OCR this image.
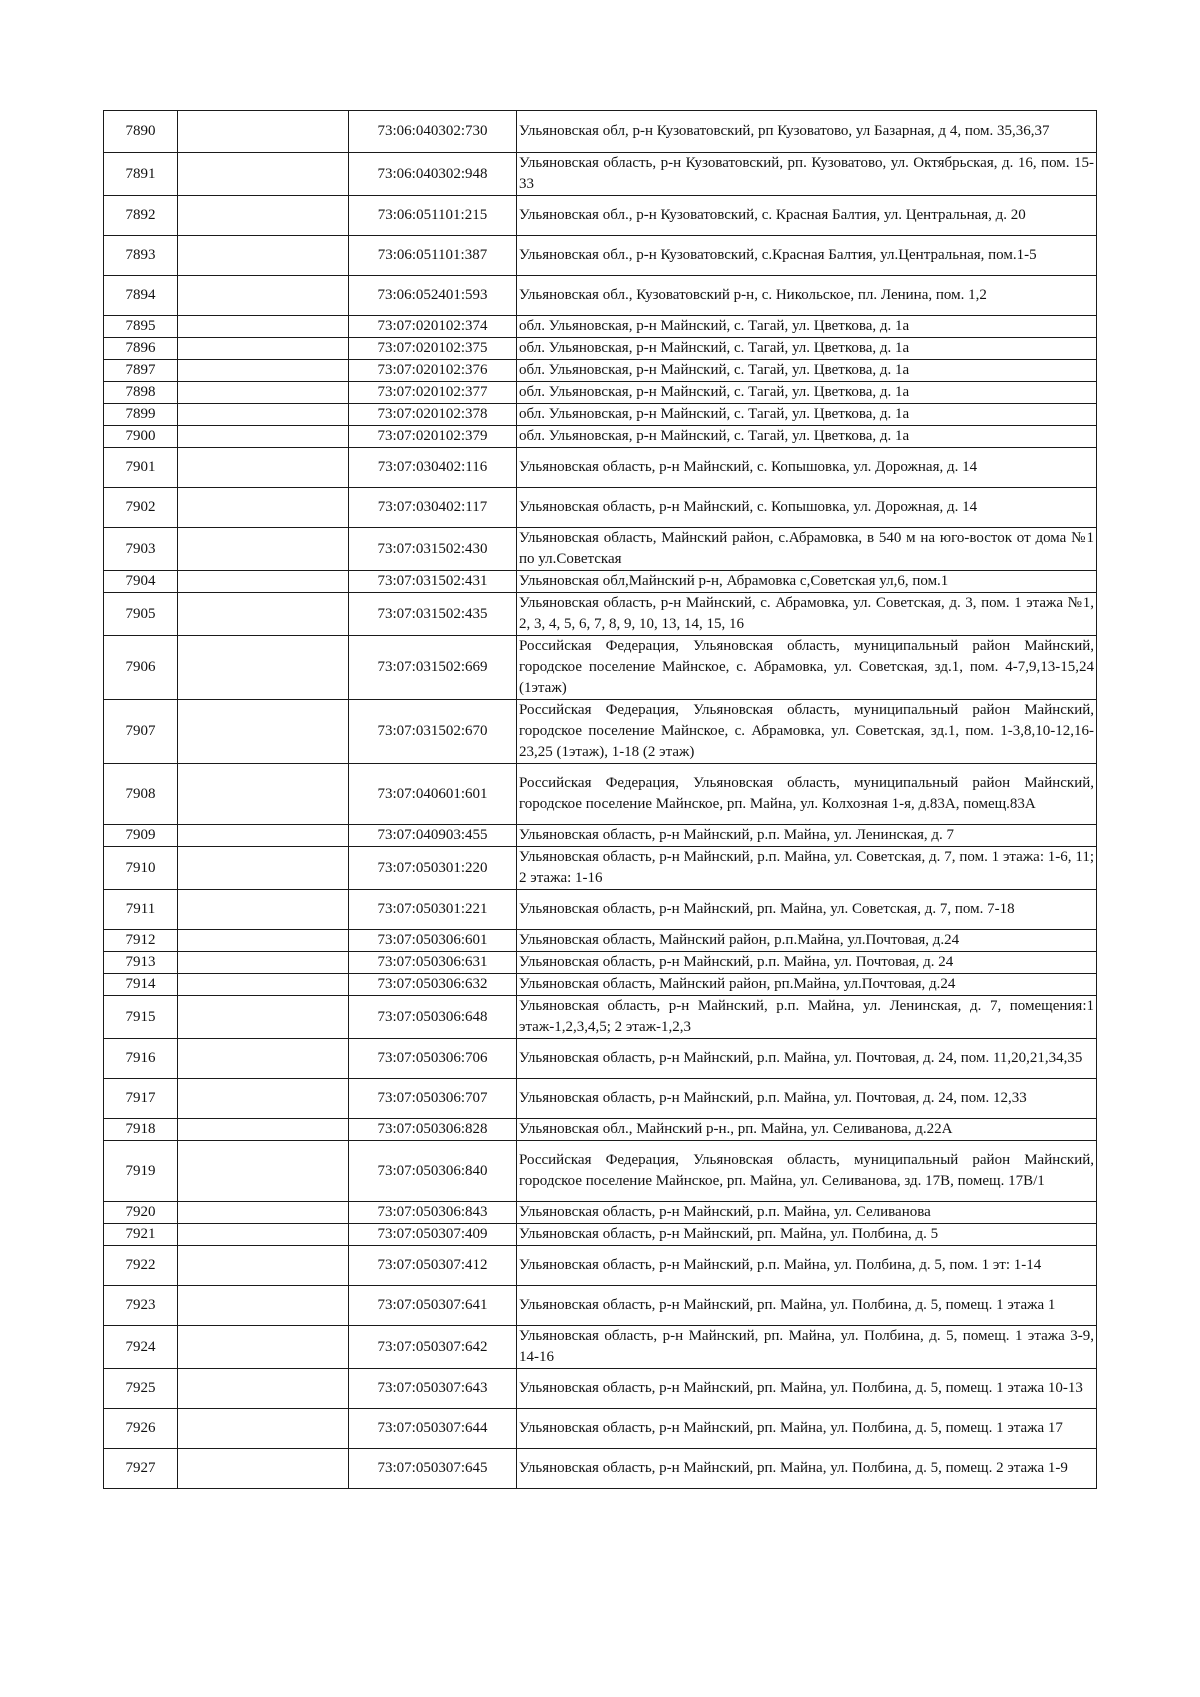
7890		73:06:040302:730	Ульяновская обл, р-н Кузоватовский, рп Кузоватово, ул Базарная, д 4, пом. 35,36,37
7891		73:06:040302:948	Ульяновская область, р-н Кузоватовский, рп. Кузоватово, ул. Октябрьская, д. 16, пом. 15-33
7892		73:06:051101:215	Ульяновская обл., р-н Кузоватовский, с. Красная Балтия, ул. Центральная, д. 20
7893		73:06:051101:387	Ульяновская обл., р-н Кузоватовский, с.Красная Балтия, ул.Центральная, пом.1-5
7894		73:06:052401:593	Ульяновская обл., Кузоватовский р-н, с. Никольское, пл. Ленина, пом. 1,2
7895		73:07:020102:374	обл. Ульяновская, р-н Майнский, с. Тагай, ул. Цветкова, д. 1а
7896		73:07:020102:375	обл. Ульяновская, р-н Майнский, с. Тагай, ул. Цветкова, д. 1а
7897		73:07:020102:376	обл. Ульяновская, р-н Майнский, с. Тагай, ул. Цветкова, д. 1а
7898		73:07:020102:377	обл. Ульяновская, р-н Майнский, с. Тагай, ул. Цветкова, д. 1а
7899		73:07:020102:378	обл. Ульяновская, р-н Майнский, с. Тагай, ул. Цветкова, д. 1а
7900		73:07:020102:379	обл. Ульяновская, р-н Майнский, с. Тагай, ул. Цветкова, д. 1а
7901		73:07:030402:116	Ульяновская область, р-н Майнский, с. Копышовка, ул. Дорожная, д. 14
7902		73:07:030402:117	Ульяновская область, р-н Майнский, с. Копышовка, ул. Дорожная, д. 14
7903		73:07:031502:430	Ульяновская область, Майнский район, с.Абрамовка, в 540 м на юго-восток от дома №1 по ул.Советская
7904		73:07:031502:431	Ульяновская обл,Майнский р-н, Абрамовка с,Советская ул,6, пом.1
7905		73:07:031502:435	Ульяновская область, р-н Майнский, с. Абрамовка, ул. Советская, д. 3, пом. 1 этажа №1, 2, 3, 4, 5, 6, 7, 8, 9, 10, 13, 14, 15, 16
7906		73:07:031502:669	Российская Федерация, Ульяновская область, муниципальный район Майнский, городское поселение Майнское, с. Абрамовка, ул. Советская, зд.1, пом. 4-7,9,13-15,24 (1этаж)
7907		73:07:031502:670	Российская Федерация, Ульяновская область, муниципальный район Майнский, городское поселение Майнское, с. Абрамовка, ул. Советская, зд.1, пом. 1-3,8,10-12,16-23,25 (1этаж), 1-18 (2 этаж)
7908		73:07:040601:601	Российская Федерация, Ульяновская область, муниципальный район Майнский, городское поселение Майнское, рп. Майна, ул. Колхозная 1-я, д.83А, помещ.83А
7909		73:07:040903:455	Ульяновская область, р-н Майнский, р.п. Майна, ул. Ленинская, д. 7
7910		73:07:050301:220	Ульяновская область, р-н Майнский, р.п. Майна, ул. Советская, д. 7, пом. 1 этажа: 1-6, 11; 2 этажа: 1-16
7911		73:07:050301:221	Ульяновская область, р-н Майнский, рп. Майна, ул. Советская, д. 7, пом. 7-18
7912		73:07:050306:601	Ульяновская область, Майнский район, р.п.Майна, ул.Почтовая, д.24
7913		73:07:050306:631	Ульяновская область, р-н Майнский, р.п. Майна, ул. Почтовая, д. 24
7914		73:07:050306:632	Ульяновская область, Майнский район, рп.Майна, ул.Почтовая, д.24
7915		73:07:050306:648	Ульяновская область, р-н Майнский, р.п. Майна, ул. Ленинская, д. 7, помещения:1 этаж-1,2,3,4,5; 2 этаж-1,2,3
7916		73:07:050306:706	Ульяновская область, р-н Майнский, р.п. Майна, ул. Почтовая, д. 24, пом. 11,20,21,34,35
7917		73:07:050306:707	Ульяновская область, р-н Майнский, р.п. Майна, ул. Почтовая, д. 24, пом. 12,33
7918		73:07:050306:828	Ульяновская обл., Майнский р-н., рп. Майна, ул. Селиванова, д.22А
7919		73:07:050306:840	Российская Федерация, Ульяновская область, муниципальный район Майнский, городское поселение Майнское, рп. Майна, ул. Селиванова, зд. 17В, помещ. 17В/1
7920		73:07:050306:843	Ульяновская область, р-н Майнский, р.п. Майна, ул. Селиванова
7921		73:07:050307:409	Ульяновская область, р-н Майнский, рп. Майна, ул. Полбина, д. 5
7922		73:07:050307:412	Ульяновская область, р-н Майнский, р.п. Майна, ул. Полбина, д. 5, пом. 1 эт: 1-14
7923		73:07:050307:641	Ульяновская область, р-н Майнский, рп. Майна, ул. Полбина, д. 5, помещ. 1 этажа 1
7924		73:07:050307:642	Ульяновская область, р-н Майнский, рп. Майна, ул. Полбина, д. 5, помещ. 1 этажа 3-9, 14-16
7925		73:07:050307:643	Ульяновская область, р-н Майнский, рп. Майна, ул. Полбина, д. 5, помещ. 1 этажа 10-13
7926		73:07:050307:644	Ульяновская область, р-н Майнский, рп. Майна, ул. Полбина, д. 5, помещ. 1 этажа 17
7927		73:07:050307:645	Ульяновская область, р-н Майнский, рп. Майна, ул. Полбина, д. 5, помещ. 2 этажа 1-9
